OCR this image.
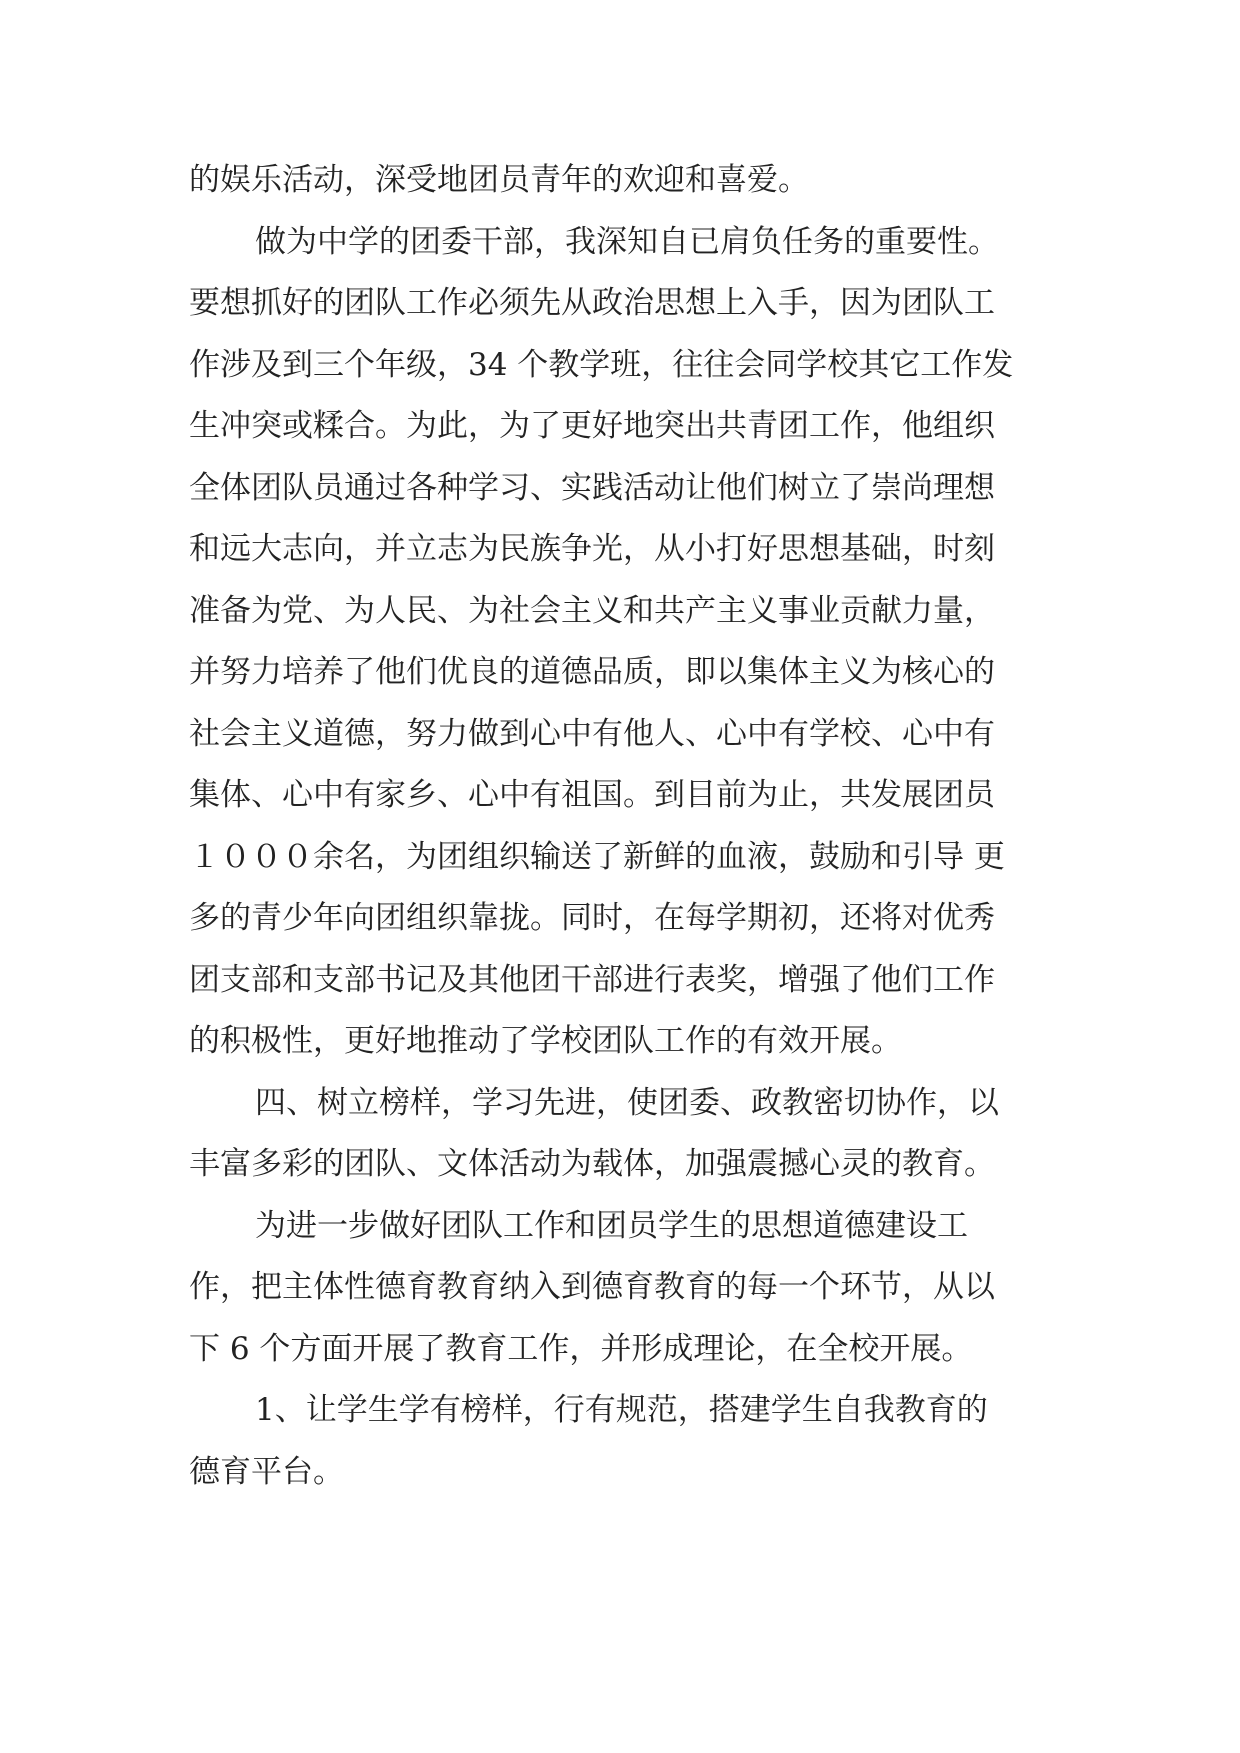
的娱乐活动，深受地团员青年的欢迎和喜爱。
做为中学的团委干部，我深知自已肩负任务的重要性。
要想抓好的团队工作必须先从政治思想上入手，因为团队工
作涉及到三个年级，34 个教学班，往往会同学校其它工作发
生冲突或糅合。为此，为了更好地突出共青团工作，他组织
全体团队员通过各种学习、实践活动让他们树立了崇尚理想
和远大志向，并立志为民族争光，从小打好思想基础，时刻
准备为党、为人民、为社会主义和共产主义事业贡献力量，
并努力培养了他们优良的道德品质，即以集体主义为核心的
社会主义道德，努力做到心中有他人、心中有学校、心中有
集体、心中有家乡、心中有祖国。到目前为止，共发展团员
１０００余名，为团组织输送了新鲜的血液，鼓励和引导 更
多的青少年向团组织靠拢。同时，在每学期初，还将对优秀
团支部和支部书记及其他团干部进行表奖，增强了他们工作
的积极性，更好地推动了学校团队工作的有效开展。
四、树立榜样，学习先进，使团委、政教密切协作，以
丰富多彩的团队、文体活动为载体，加强震撼心灵的教育。
为进一步做好团队工作和团员学生的思想道德建设工
作，把主体性德育教育纳入到德育教育的每一个环节，从以
下 6 个方面开展了教育工作，并形成理论，在全校开展。
1、让学生学有榜样，行有规范，搭建学生自我教育的
德育平台。
